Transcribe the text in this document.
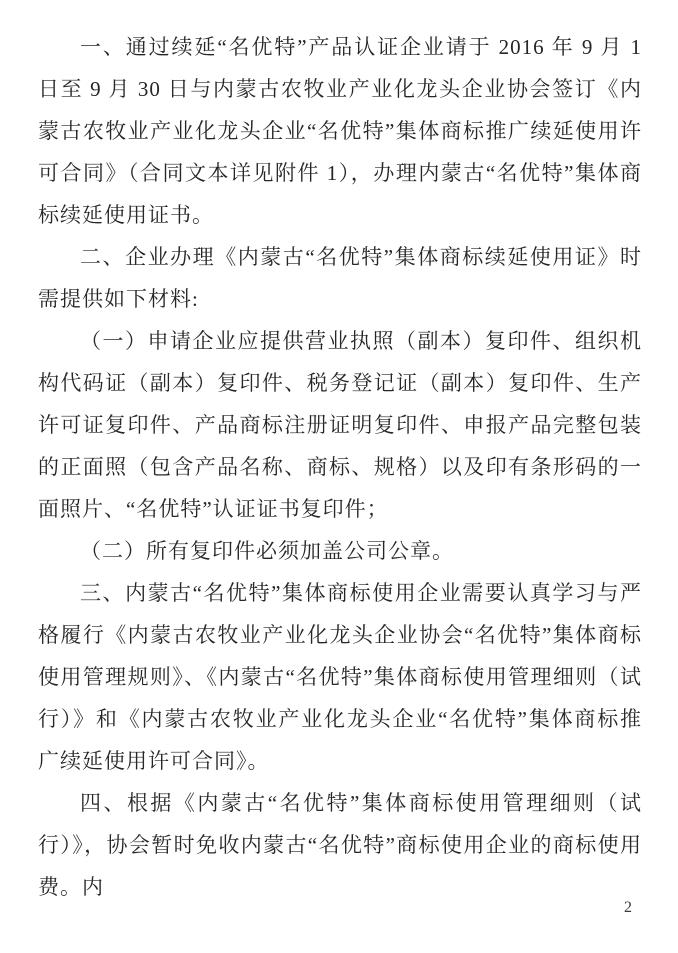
一、通过续延“名优特”产品认证企业请于 2016 年 9 月 1 日至 9 月 30 日与内蒙古农牧业产业化龙头企业协会签订《内蒙古农牧业产业化龙头企业“名优特”集体商标推广续延使用许可合同》（合同文本详见附件 1），办理内蒙古“名优特”集体商标续延使用证书。

二、企业办理《内蒙古“名优特”集体商标续延使用证》时需提供如下材料:

（一）申请企业应提供营业执照（副本）复印件、组织机构代码证（副本）复印件、税务登记证（副本）复印件、生产许可证复印件、产品商标注册证明复印件、申报产品完整包装的正面照（包含产品名称、商标、规格）以及印有条形码的一面照片、“名优特”认证证书复印件；

（二）所有复印件必须加盖公司公章。

三、内蒙古“名优特”集体商标使用企业需要认真学习与严格履行《内蒙古农牧业产业化龙头企业协会“名优特”集体商标使用管理规则》、《内蒙古“名优特”集体商标使用管理细则（试行）》和《内蒙古农牧业产业化龙头企业“名优特”集体商标推广续延使用许可合同》。

四、根据《内蒙古“名优特”集体商标使用管理细则（试行）》，协会暂时免收内蒙古“名优特”商标使用企业的商标使用费。内

2
